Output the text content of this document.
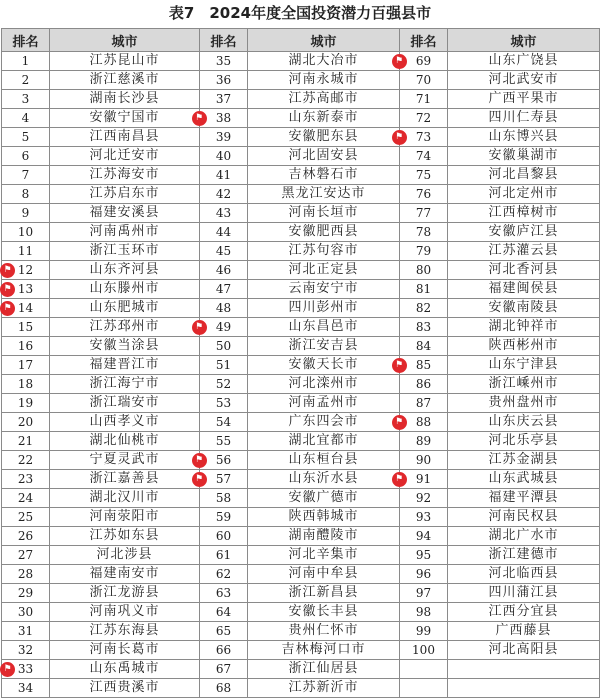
表7　2024年度全国投资潜力百强县市
排名	城市	排名	城市	排名	城市
1	江苏昆山市	35	湖北大冶市	69	山东广饶县
2	浙江慈溪市	36	河南永城市	70	河北武安市
3	湖南长沙县	37	江苏高邮市	71	广西平果市
4	安徽宁国市	38	山东新泰市	72	四川仁寿县
5	江西南昌县	39	安徽肥东县	73	山东博兴县
6	河北迁安市	40	河北固安县	74	安徽巢湖市
7	江苏海安市	41	吉林磐石市	75	河北昌黎县
8	江苏启东市	42	黑龙江安达市	76	河北定州市
9	福建安溪县	43	河南长垣市	77	江西樟树市
10	河南禹州市	44	安徽肥西县	78	安徽庐江县
11	浙江玉环市	45	江苏句容市	79	江苏灌云县
12	山东齐河县	46	河北正定县	80	河北香河县
13	山东滕州市	47	云南安宁市	81	福建闽侯县
14	山东肥城市	48	四川彭州市	82	安徽南陵县
15	江苏邳州市	49	山东昌邑市	83	湖北钟祥市
16	安徽当涂县	50	浙江安吉县	84	陕西彬州市
17	福建晋江市	51	安徽天长市	85	山东宁津县
18	浙江海宁市	52	河北滦州市	86	浙江嵊州市
19	浙江瑞安市	53	河南孟州市	87	贵州盘州市
20	山西孝义市	54	广东四会市	88	山东庆云县
21	湖北仙桃市	55	湖北宜都市	89	河北乐亭县
22	宁夏灵武市	56	山东桓台县	90	江苏金湖县
23	浙江嘉善县	57	山东沂水县	91	山东武城县
24	湖北汉川市	58	安徽广德市	92	福建平潭县
25	河南荥阳市	59	陕西韩城市	93	河南民权县
26	江苏如东县	60	湖南醴陵市	94	湖北广水市
27	河北涉县	61	河北辛集市	95	浙江建德市
28	福建南安市	62	河南中牟县	96	河北临西县
29	浙江龙游县	63	浙江新昌县	97	四川蒲江县
30	河南巩义市	64	安徽长丰县	98	江西分宜县
31	江苏东海县	65	贵州仁怀市	99	广西藤县
32	河南长葛市	66	吉林梅河口市	100	河北高阳县
33	山东禹城市	67	浙江仙居县		
34	江西贵溪市	68	江苏新沂市		
⚑
⚑
⚑
⚑
⚑
⚑
⚑
⚑
⚑
⚑
⚑	⚑
⚑
